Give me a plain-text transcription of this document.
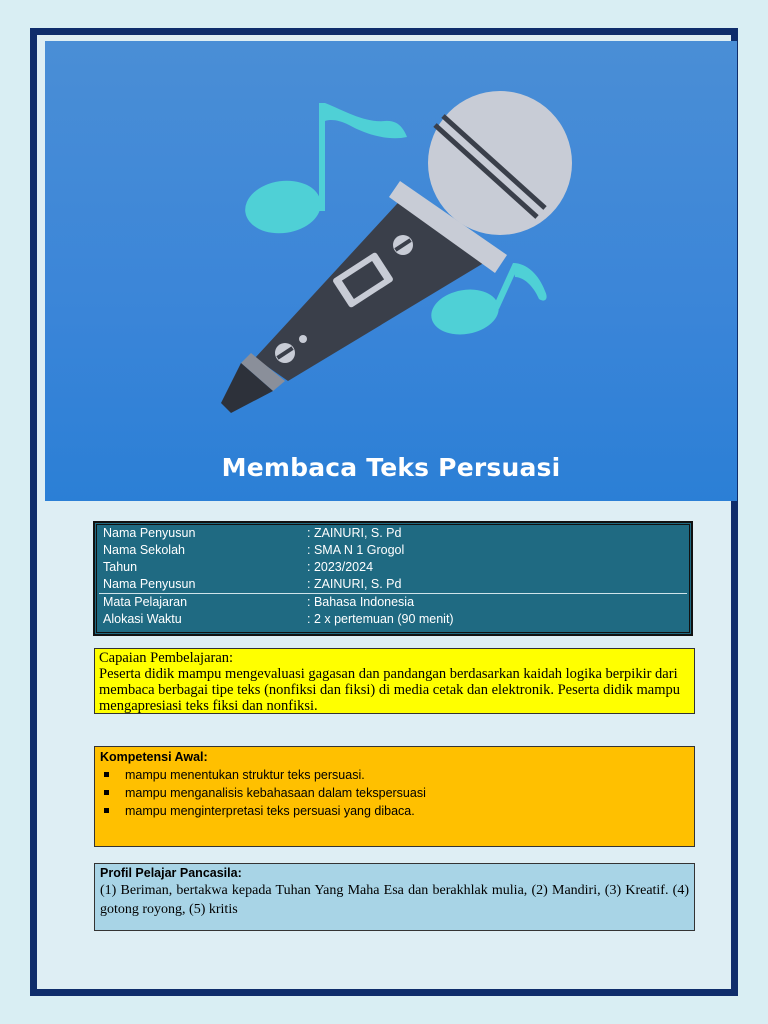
Membaca Teks Persuasi
Nama Penyusun	: ZAINURI, S. Pd
Nama Sekolah	: SMA N 1 Grogol
Tahun	: 2023/2024
Nama Penyusun	: ZAINURI, S. Pd
Mata Pelajaran	: Bahasa Indonesia
Alokasi Waktu	: 2 x pertemuan (90 menit)
Capaian Pembelajaran:
Peserta didik mampu mengevaluasi gagasan dan pandangan berdasarkan kaidah logika berpikir dari membaca berbagai tipe teks (nonfiksi dan fiksi) di media cetak dan elektronik. Peserta didik mampu mengapresiasi teks fiksi dan nonfiksi.
Kompetensi Awal:
mampu menentukan struktur teks persuasi.
mampu menganalisis kebahasaan dalam tekspersuasi
mampu menginterpretasi teks persuasi yang dibaca.
Profil Pelajar Pancasila:
(1) Beriman, bertakwa kepada Tuhan Yang Maha Esa dan berakhlak mulia, (2) Mandiri, (3) Kreatif. (4) gotong royong, (5) kritis
